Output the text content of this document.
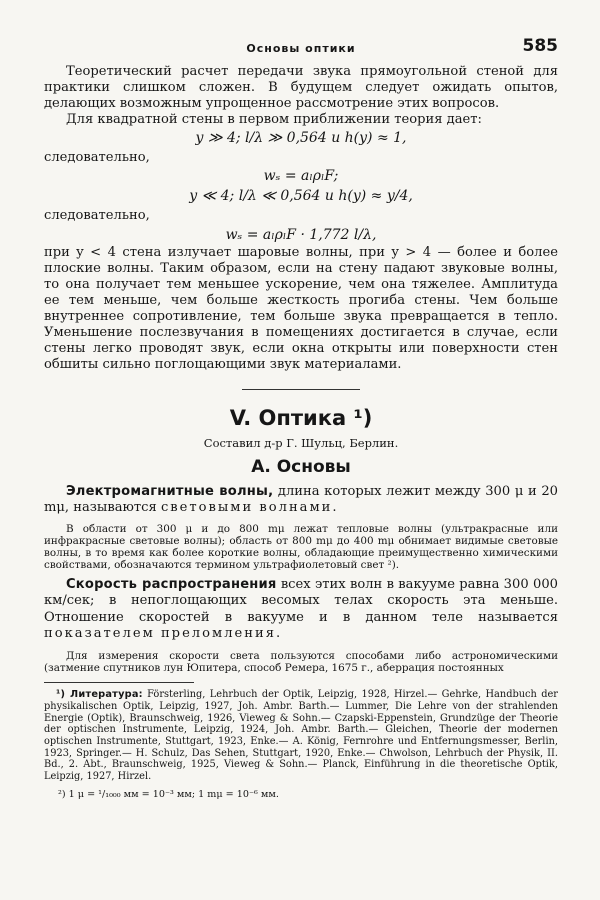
Основы оптики	585

Теоретический расчет передачи звука прямоугольной стеной для практики слишком сложен. В будущем следует ожидать опытов, делающих возможным упрощенное рассмотрение этих вопросов.

Для квадратной стены в первом приближении теория дает:

y ≫ 4; l/λ ≫ 0,564 и h(y) ≈ 1,
следовательно,
wₛ = aₗρₗF;
y ≪ 4; l/λ ≪ 0,564 и h(y) ≈ y/4,
следовательно,
wₛ = aₗρₗF · 1,772 l/λ,

при y < 4 стена излучает шаровые волны, при y > 4 — более и более плоские волны. Таким образом, если на стену падают звуковые волны, то она получает тем меньшее ускорение, чем она тяжелее. Амплитуда ее тем меньше, чем больше жесткость прогиба стены. Чем больше внутреннее сопротивление, тем больше звука превращается в тепло. Уменьшение послезвучания в помещениях достигается в случае, если стены легко проводят звук, если окна открыты или поверхности стен обшиты сильно поглощающими звук материалами.

V. Оптика ¹)
Составил д-р Г. Шульц, Берлин.
А. Основы

Электромагнитные волны, длина которых лежит между 300 μ и 20 mμ, называются световыми волнами.

В области от 300 μ и до 800 mμ лежат тепловые волны (ультракрасные или инфракрасные световые волны); область от 800 mμ до 400 mμ обнимает видимые световые волны, в то время как более короткие волны, обладающие преимущественно химическими свойствами, обозначаются термином ультрафиолетовый свет ²).

Скорость распространения всех этих волн в вакууме равна 300 000 км/сек; в непоглощающих весомых телах скорость эта меньше. Отношение скоростей в вакууме и в данном теле называется показателем преломления.

Для измерения скорости света пользуются способами либо астрономическими (затмение спутников лун Юпитера, способ Ремера, 1675 г., аберрация постоянных

¹) Литература: Försterling, Lehrbuch der Optik, Leipzig, 1928, Hirzel.— Gehrke, Handbuch der physikalischen Optik, Leipzig, 1927, Joh. Ambr. Barth.— Lummer, Die Lehre von der strahlenden Energie (Optik), Braunschweig, 1926, Vieweg & Sohn.— Czapski-Eppenstein, Grundzüge der Theorie der optischen Instrumente, Leipzig, 1924, Joh. Ambr. Barth.— Gleichen, Theorie der modernen optischen Instrumente, Stuttgart, 1923, Enke.— A. König, Fernrohre und Entfernungsmesser, Berlin, 1923, Springer.— H. Schulz, Das Sehen, Stuttgart, 1920, Enke.— Chwolson, Lehrbuch der Physik, II. Bd., 2. Abt., Braunschweig, 1925, Vieweg & Sohn.— Planck, Einführung in die theoretische Optik, Leipzig, 1927, Hirzel.

²) 1 μ = ¹/₁₀₀₀ мм = 10⁻³ мм; 1 mμ = 10⁻⁶ мм.
